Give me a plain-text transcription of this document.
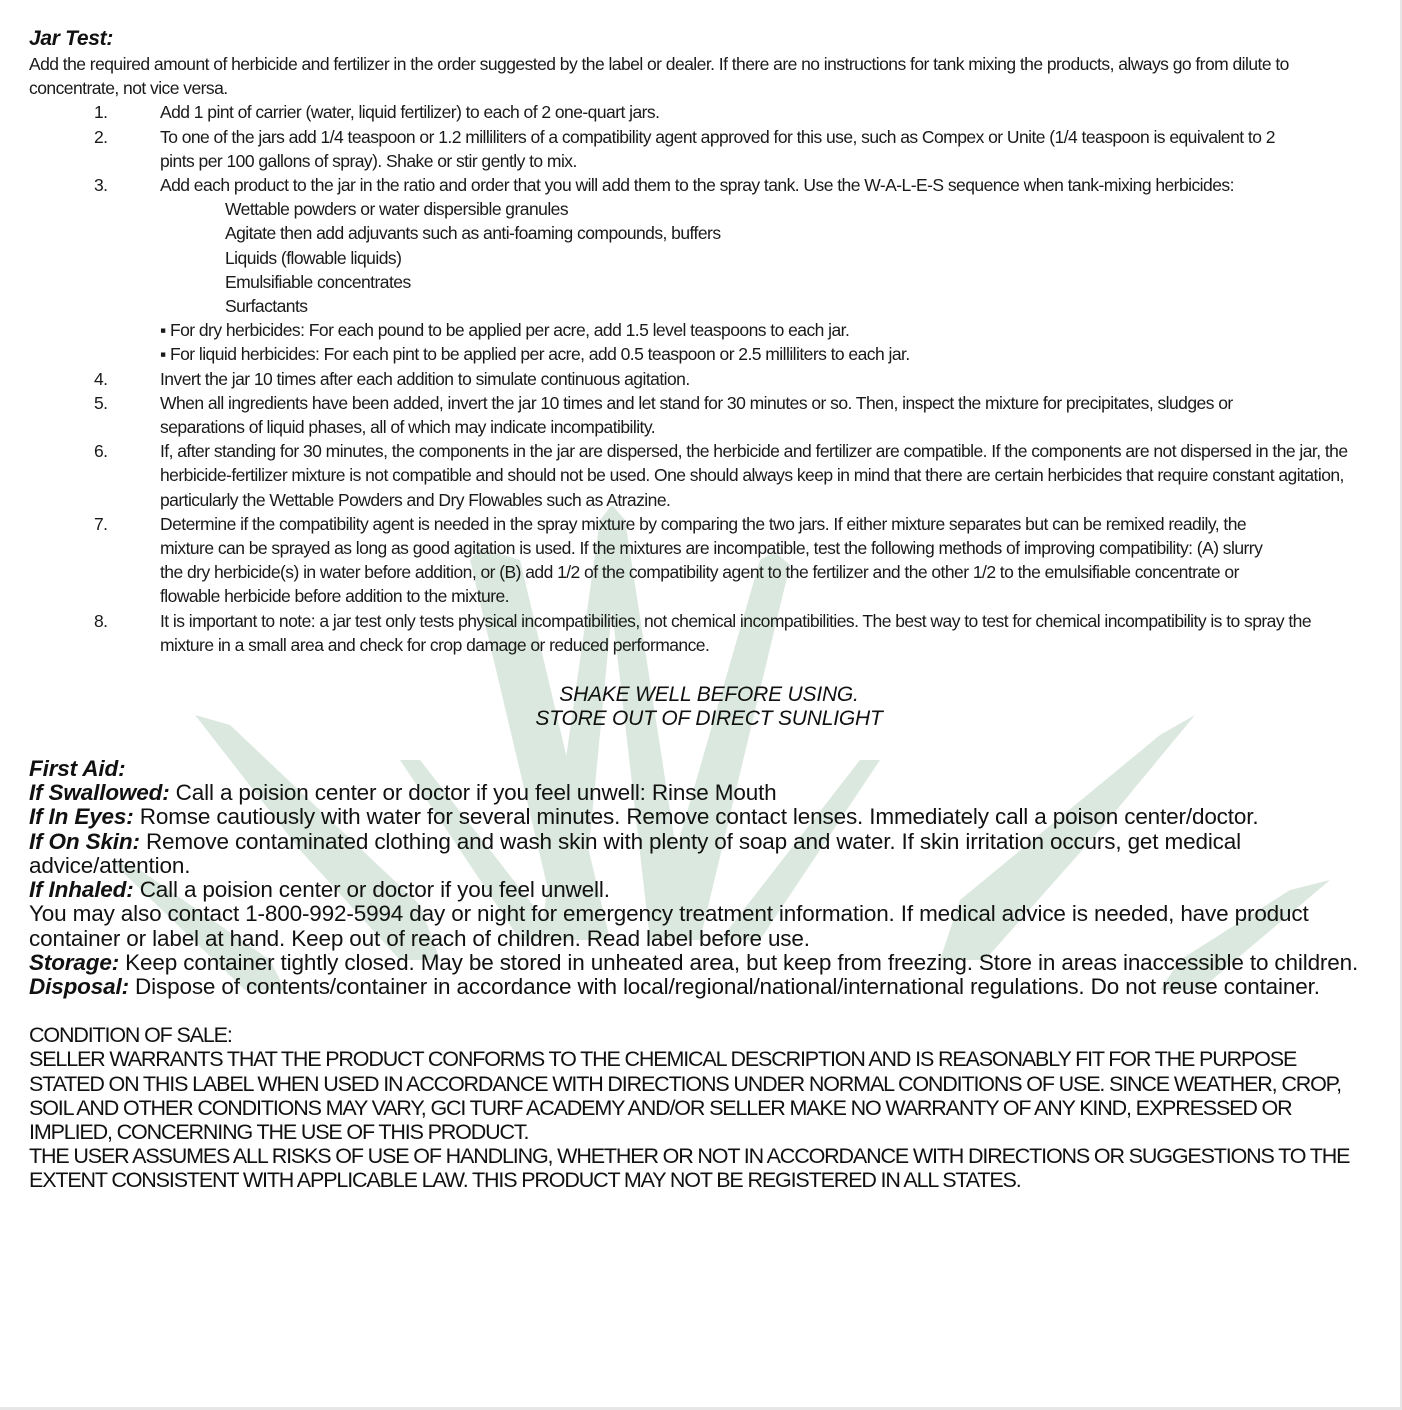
Jar Test:

Add the required amount of herbicide and fertilizer in the order suggested by the label or dealer. If there are no instructions for tank mixing the products, always go from dilute to concentrate, not vice versa.

1.	Add 1 pint of carrier (water, liquid fertilizer) to each of 2 one-quart jars.
2.	To one of the jars add 1/4 teaspoon or 1.2 milliliters of a compatibility agent approved for this use, such as Compex or Unite (1/4 teaspoon is equivalent to 2 pints per 100 gallons of spray). Shake or stir gently to mix.
3.	Add each product to the jar in the ratio and order that you will add them to the spray tank. Use the W-A-L-E-S sequence when tank-mixing herbicides:
Wettable powders or water dispersible granules
Agitate then add adjuvants such as anti-foaming compounds, buffers
Liquids (flowable liquids)
Emulsifiable concentrates
Surfactants
▪ For dry herbicides: For each pound to be applied per acre, add 1.5 level teaspoons to each jar.
▪ For liquid herbicides: For each pint to be applied per acre, add 0.5 teaspoon or 2.5 milliliters to each jar.
4.	Invert the jar 10 times after each addition to simulate continuous agitation.
5.	When all ingredients have been added, invert the jar 10 times and let stand for 30 minutes or so. Then, inspect the mixture for precipitates, sludges or separations of liquid phases, all of which may indicate incompatibility.
6.	If, after standing for 30 minutes, the components in the jar are dispersed, the herbicide and fertilizer are compatible. If the components are not dispersed in the jar, the herbicide-fertilizer mixture is not compatible and should not be used. One should always keep in mind that there are certain herbicides that require constant agitation, particularly the Wettable Powders and Dry Flowables such as Atrazine.
7.	Determine if the compatibility agent is needed in the spray mixture by comparing the two jars. If either mixture separates but can be remixed readily, the mixture can be sprayed as long as good agitation is used. If the mixtures are incompatible, test the following methods of improving compatibility: (A) slurry the dry herbicide(s) in water before addition, or (B) add 1/2 of the compatibility agent to the fertilizer and the other 1/2 to the emulsifiable concentrate or flowable herbicide before addition to the mixture.
8.	It is important to note: a jar test only tests physical incompatibilities, not chemical incompatibilities. The best way to test for chemical incompatibility is to spray the mixture in a small area and check for crop damage or reduced performance.
SHAKE WELL BEFORE USING.
STORE OUT OF DIRECT SUNLIGHT
First Aid:

If Swallowed: Call a poision center or doctor if you feel unwell: Rinse Mouth

If In Eyes: Romse cautiously with water for several minutes. Remove contact lenses. Immediately call a poison center/doctor.

If On Skin: Remove contaminated clothing and wash skin with plenty of soap and water. If skin irritation occurs, get medical advice/attention.

If Inhaled: Call a poision center or doctor if you feel unwell.

You may also contact 1-800-992-5994 day or night for emergency treatment information. If medical advice is needed, have product container or label at hand. Keep out of reach of children. Read label before use.

Storage: Keep container tightly closed. May be stored in unheated area, but keep from freezing. Store in areas inaccessible to children.

Disposal: Dispose of contents/container in accordance with local/regional/national/international regulations. Do not reuse container.

CONDITION OF SALE:

SELLER WARRANTS THAT THE PRODUCT CONFORMS TO THE CHEMICAL DESCRIPTION AND IS REASONABLY FIT FOR THE PURPOSE STATED ON THIS LABEL WHEN USED IN ACCORDANCE WITH DIRECTIONS UNDER NORMAL CONDITIONS OF USE. SINCE WEATHER, CROP, SOIL AND OTHER CONDITIONS MAY VARY, GCI TURF ACADEMY AND/OR SELLER MAKE NO WARRANTY OF ANY KIND, EXPRESSED OR IMPLIED, CONCERNING THE USE OF THIS PRODUCT.

THE USER ASSUMES ALL RISKS OF USE OF HANDLING, WHETHER OR NOT IN ACCORDANCE WITH DIRECTIONS OR SUGGESTIONS TO THE EXTENT CONSISTENT WITH APPLICABLE LAW. THIS PRODUCT MAY NOT BE REGISTERED IN ALL STATES.
